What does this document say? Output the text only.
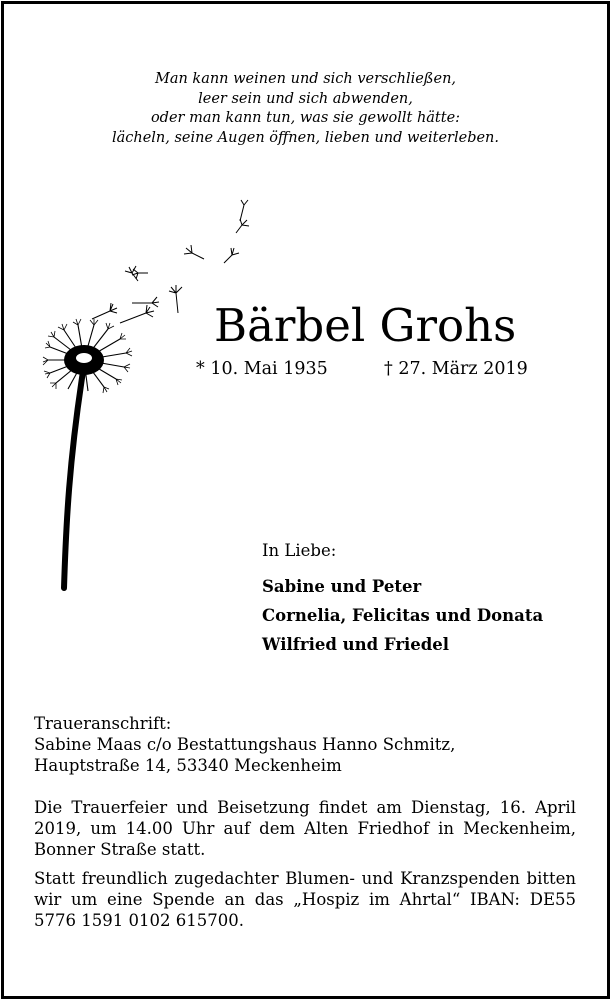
Man kann weinen und sich verschließen,
leer sein und sich abwenden,
oder man kann tun, was sie gewollt hätte:
lächeln, seine Augen öffnen, lieben und weiterleben.
Bärbel Grohs
* 10. Mai 1935	† 27. März 2019
In Liebe:
Sabine und Peter
Cornelia, Felicitas und Donata
Wilfried und Friedel
Traueranschrift:
Sabine Maas c/o Bestattungshaus Hanno Schmitz,
Hauptstraße 14, 53340 Meckenheim
Die Trauerfeier und Beisetzung findet am Dienstag, 16. April 2019, um 14.00 Uhr auf dem Alten Friedhof in Meckenheim, Bonner Straße statt.
Statt freundlich zugedachter Blumen- und Kranzspenden bitten wir um eine Spende an das „Hospiz im Ahrtal“ IBAN: DE55 5776 1591 0102 615700.
